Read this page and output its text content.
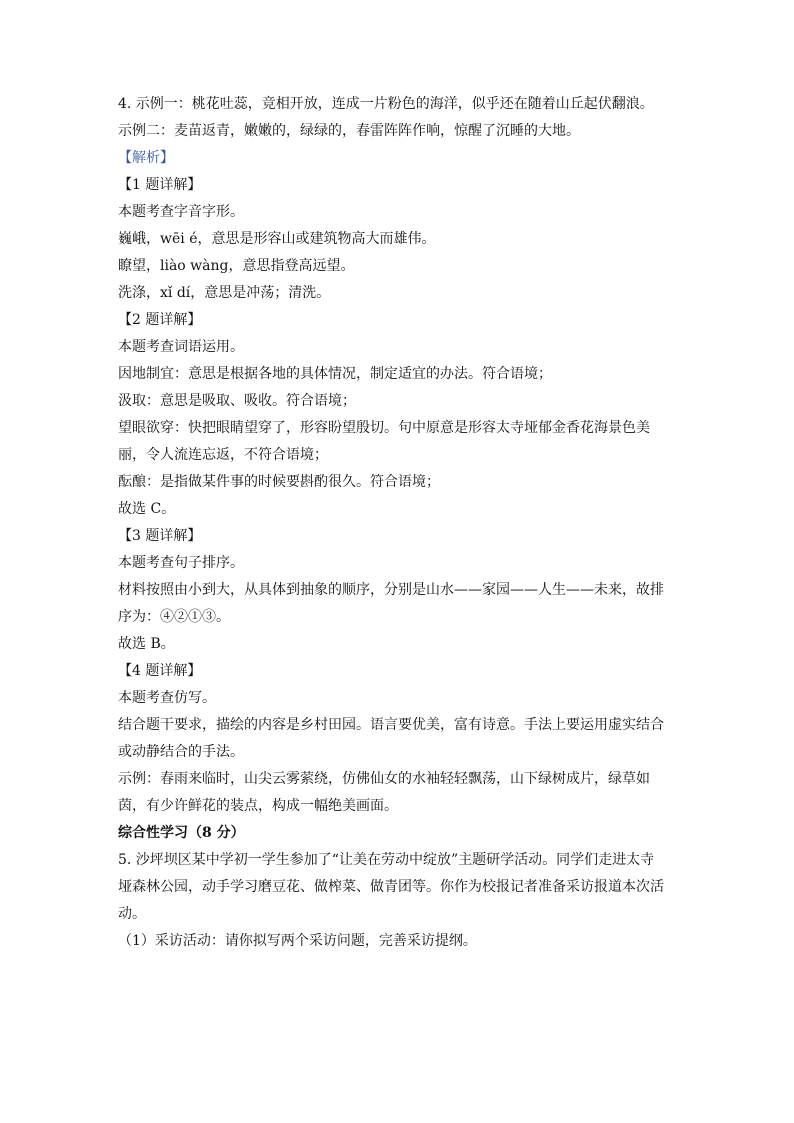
4. 示例一：桃花吐蕊，竞相开放，连成一片粉色的海洋，似乎还在随着山丘起伏翻浪。
示例二：麦苗返青，嫩嫩的，绿绿的，春雷阵阵作响，惊醒了沉睡的大地。
【解析】
【1 题详解】
本题考查字音字形。
巍峨，wēi é，意思是形容山或建筑物高大而雄伟。
瞭望，liào wàng，意思指登高远望。
洗涤，xǐ dí，意思是冲荡；清洗。
【2 题详解】
本题考查词语运用。
因地制宜：意思是根据各地的具体情况，制定适宜的办法。符合语境；
汲取：意思是吸取、吸收。符合语境；
望眼欲穿：快把眼睛望穿了，形容盼望殷切。句中原意是形容太寺垭郁金香花海景色美
丽，令人流连忘返，不符合语境；
酝酿：是指做某件事的时候要斟酌很久。符合语境；
故选 C。
【3 题详解】
本题考查句子排序。
材料按照由小到大，从具体到抽象的顺序，分别是山水——家园——人生——未来，故排
序为：④②①③。
故选 B。
【4 题详解】
本题考查仿写。
结合题干要求，描绘的内容是乡村田园。语言要优美，富有诗意。手法上要运用虚实结合
或动静结合的手法。
示例：春雨来临时，山尖云雾萦绕，仿佛仙女的水袖轻轻飘荡，山下绿树成片，绿草如
茵，有少许鲜花的装点，构成一幅绝美画面。
综合性学习（8 分）
5. 沙坪坝区某中学初一学生参加了“让美在劳动中绽放”主题研学活动。同学们走进太寺
垭森林公园，动手学习磨豆花、做榨菜、做青团等。你作为校报记者准备采访报道本次活
动。
（1）采访活动：请你拟写两个采访问题，完善采访提纲。
